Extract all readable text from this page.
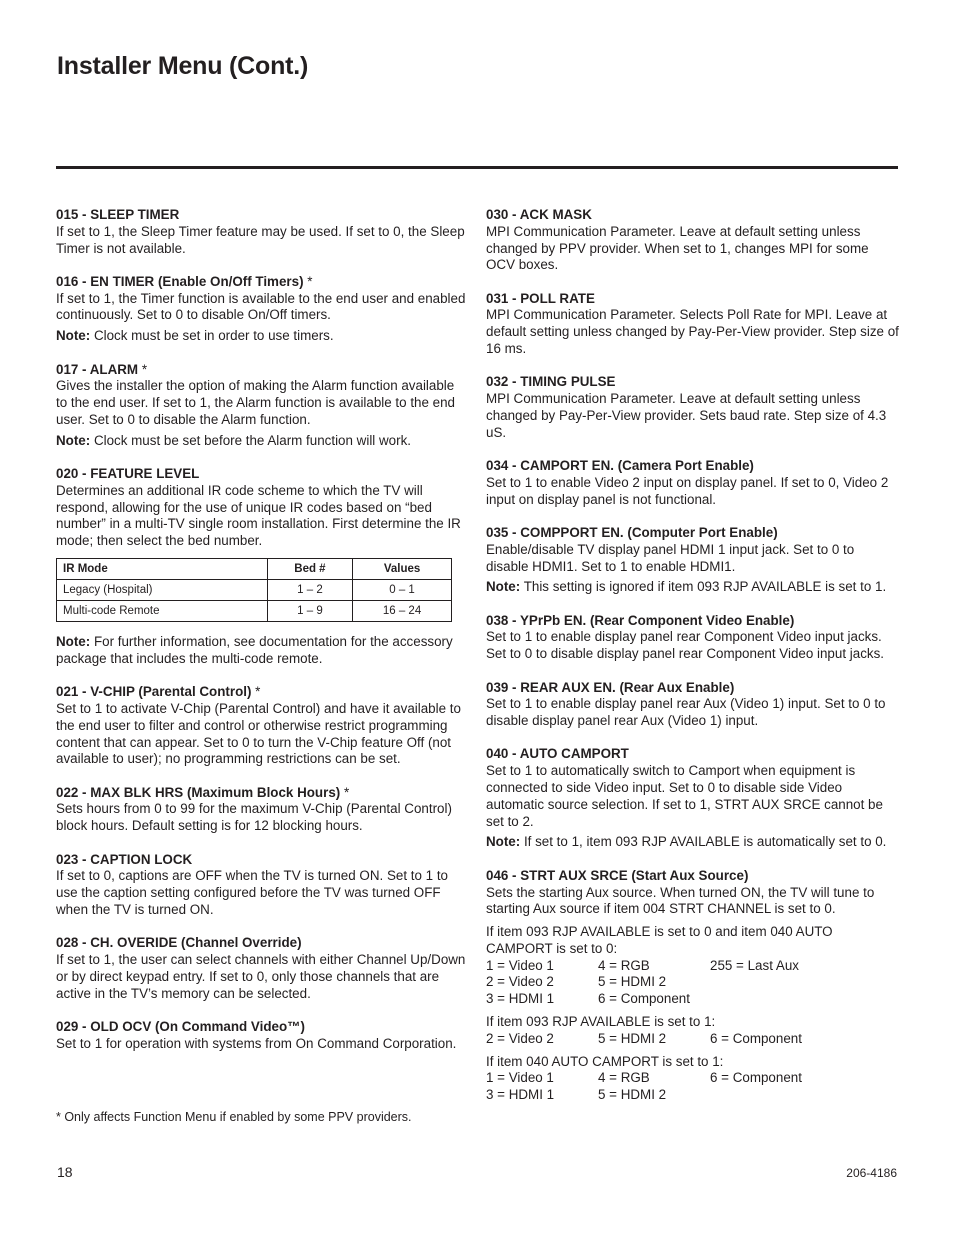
Installer Menu (Cont.)
015 - SLEEP TIMER

If set to 1, the Sleep Timer feature may be used. If set to 0, the Sleep Timer is not available.

016 - EN TIMER (Enable On/Off Timers) *

If set to 1, the Timer function is available to the end user and enabled continuously. Set to 0 to disable On/Off timers.

Note: Clock must be set in order to use timers.

017 - ALARM *

Gives the installer the option of making the Alarm function available to the end user. If set to 1, the Alarm function is available to the end user. Set to 0 to disable the Alarm function.

Note: Clock must be set before the Alarm function will work.

020 - FEATURE LEVEL

Determines an additional IR code scheme to which the TV will respond, allowing for the use of unique IR codes based on “bed number” in a multi-TV single room installation. First determine the IR mode; then select the bed number.

IR Mode	Bed #	Values
Legacy (Hospital)	1 – 2	0 – 1
Multi-code Remote	1 – 9	16 – 24

Note: For further information, see documentation for the accessory package that includes the multi-code remote.

021 - V-CHIP (Parental Control) *

Set to 1 to activate V-Chip (Parental Control) and have it available to the end user to filter and control or otherwise restrict programming content that can appear. Set to 0 to turn the V-Chip feature Off (not available to user); no programming restrictions can be set.

022 - MAX BLK HRS (Maximum Block Hours) *

Sets hours from 0 to 99 for the maximum V-Chip (Parental Control) block hours. Default setting is for 12 blocking hours.

023 - CAPTION LOCK

If set to 0, captions are OFF when the TV is turned ON. Set to 1 to use the caption setting configured before the TV was turned OFF when the TV is turned ON.

028 - CH. OVERIDE (Channel Override)

If set to 1, the user can select channels with either Channel Up/Down or by direct keypad entry. If set to 0, only those channels that are active in the TV’s memory can be selected.

029 - OLD OCV (On Command Video™)

Set to 1 for operation with systems from On Command Corporation.

030 - ACK MASK

MPI Communication Parameter. Leave at default setting unless changed by PPV provider. When set to 1, changes MPI for some OCV boxes.

031 - POLL RATE

MPI Communication Parameter. Selects Poll Rate for MPI. Leave at default setting unless changed by Pay-Per-View provider. Step size of 16 ms.

032 - TIMING PULSE

MPI Communication Parameter. Leave at default setting unless changed by Pay-Per-View provider. Sets baud rate. Step size of 4.3 uS.

034 - CAMPORT EN. (Camera Port Enable)

Set to 1 to enable Video 2 input on display panel. If set to 0, Video 2 input on display panel is not functional.

035 - COMPPORT EN. (Computer Port Enable)

Enable/disable TV display panel HDMI 1 input jack. Set to 0 to disable HDMI1. Set to 1 to enable HDMI1.

Note: This setting is ignored if item 093 RJP AVAILABLE is set to 1.

038 - YPrPb EN. (Rear Component Video Enable)

Set to 1 to enable display panel rear Component Video input jacks. Set to 0 to disable display panel rear Component Video input jacks.

039 - REAR AUX EN. (Rear Aux Enable)

Set to 1 to enable display panel rear Aux (Video 1) input. Set to 0 to disable display panel rear Aux (Video 1) input.

040 - AUTO CAMPORT

Set to 1 to automatically switch to Camport when equipment is connected to side Video input. Set to 0 to disable side Video automatic source selection. If set to 1, STRT AUX SRCE cannot be set to 2.

Note: If set to 1, item 093 RJP AVAILABLE is automatically set to 0.

046 - STRT AUX SRCE (Start Aux Source)

Sets the starting Aux source. When turned ON, the TV will tune to starting Aux source if item 004 STRT CHANNEL is set to 0.

If item 093 RJP AVAILABLE is set to 0 and item 040 AUTO CAMPORT is set to 0:

1 = Video 1	4 = RGB	255 = Last Aux
2 = Video 2	5 = HDMI 2
3 = HDMI 1	6 = Component

If item 093 RJP AVAILABLE is set to 1:

2 = Video 2	5 = HDMI 2	6 = Component

If item 040 AUTO CAMPORT is set to 1:

1 = Video 1	4 = RGB	6 = Component
3 = HDMI 1	5 = HDMI 2
* Only affects Function Menu if enabled by some PPV providers.
18	206-4186
